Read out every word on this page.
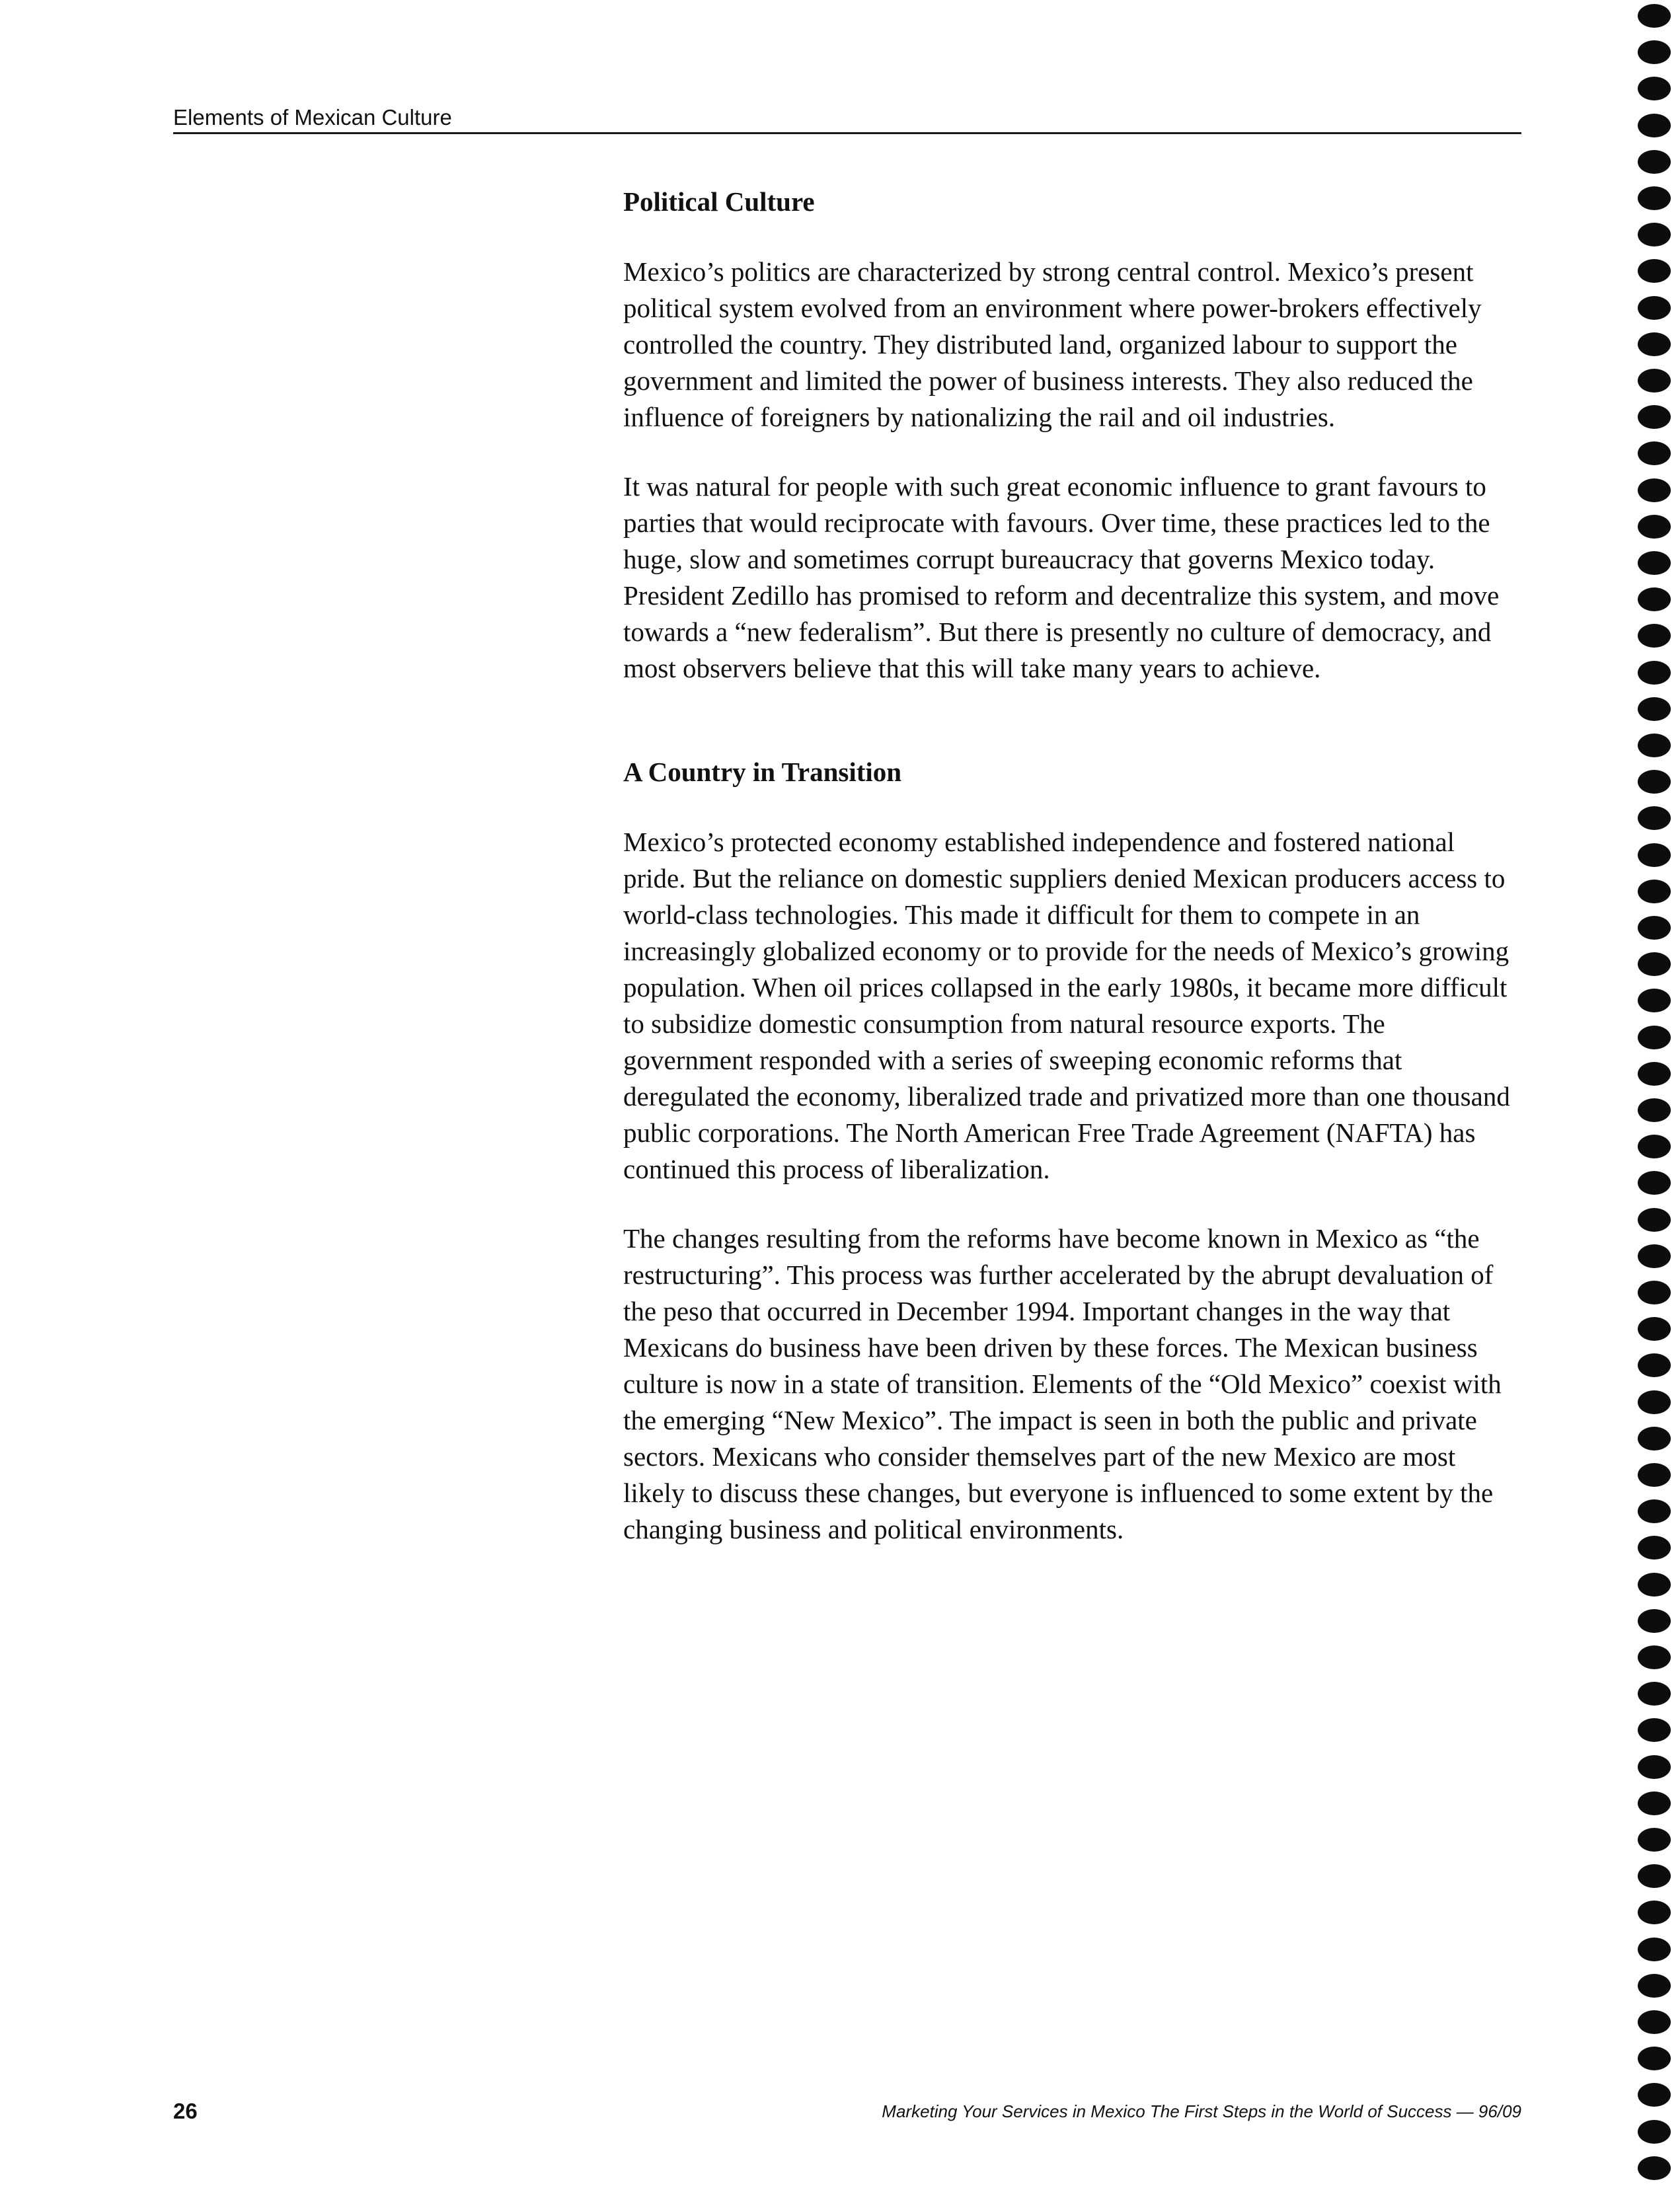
Elements of Mexican Culture
Political Culture

Mexico’s politics are characterized by strong central control. Mexico’s present political system evolved from an environment where power-brokers effectively controlled the country. They distributed land, organized labour to support the government and limited the power of business interests. They also reduced the influence of foreigners by nationalizing the rail and oil industries.

It was natural for people with such great economic influence to grant favours to parties that would reciprocate with favours. Over time, these practices led to the huge, slow and sometimes corrupt bureaucracy that governs Mexico today. President Zedillo has promised to reform and decentralize this system, and move towards a “new federalism”. But there is presently no culture of democracy, and most observers believe that this will take many years to achieve.

A Country in Transition

Mexico’s protected economy established independence and fostered national pride. But the reliance on domestic suppliers denied Mexican producers access to world-class technologies. This made it difficult for them to compete in an increasingly globalized economy or to provide for the needs of Mexico’s growing population. When oil prices collapsed in the early 1980s, it became more difficult to subsidize domestic consumption from natural resource exports. The government responded with a series of sweeping economic reforms that deregulated the economy, liberalized trade and privatized more than one thousand public corporations. The North American Free Trade Agreement (NAFTA) has continued this process of liberalization.

The changes resulting from the reforms have become known in Mexico as “the restructuring”. This process was further accelerated by the abrupt devaluation of the peso that occurred in December 1994. Important changes in the way that Mexicans do business have been driven by these forces. The Mexican business culture is now in a state of transition. Elements of the “Old Mexico” coexist with the emerging “New Mexico”. The impact is seen in both the public and private sectors. Mexicans who consider themselves part of the new Mexico are most likely to discuss these changes, but everyone is influenced to some extent by the changing business and political environments.

26	Marketing Your Services in Mexico The First Steps in the World of Success — 96/09
